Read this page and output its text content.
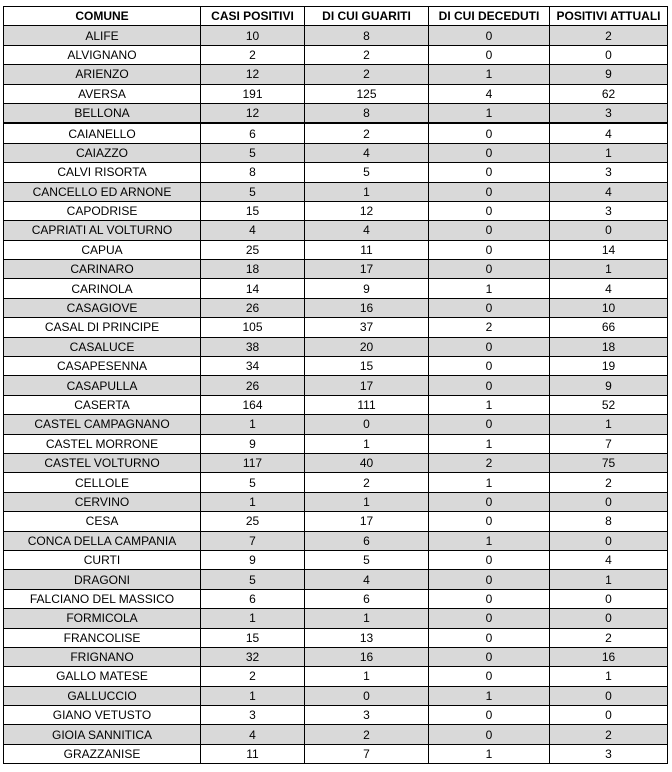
COMUNE	CASI POSITIVI	DI CUI GUARITI	DI CUI DECEDUTI	POSITIVI ATTUALI
ALIFE	10	8	0	2
ALVIGNANO	2	2	0	0
ARIENZO	12	2	1	9
AVERSA	191	125	4	62
BELLONA	12	8	1	3
CAIANELLO	6	2	0	4
CAIAZZO	5	4	0	1
CALVI RISORTA	8	5	0	3
CANCELLO ED ARNONE	5	1	0	4
CAPODRISE	15	12	0	3
CAPRIATI AL VOLTURNO	4	4	0	0
CAPUA	25	11	0	14
CARINARO	18	17	0	1
CARINOLA	14	9	1	4
CASAGIOVE	26	16	0	10
CASAL DI PRINCIPE	105	37	2	66
CASALUCE	38	20	0	18
CASAPESENNA	34	15	0	19
CASAPULLA	26	17	0	9
CASERTA	164	111	1	52
CASTEL CAMPAGNANO	1	0	0	1
CASTEL MORRONE	9	1	1	7
CASTEL VOLTURNO	117	40	2	75
CELLOLE	5	2	1	2
CERVINO	1	1	0	0
CESA	25	17	0	8
CONCA DELLA CAMPANIA	7	6	1	0
CURTI	9	5	0	4
DRAGONI	5	4	0	1
FALCIANO DEL MASSICO	6	6	0	0
FORMICOLA	1	1	0	0
FRANCOLISE	15	13	0	2
FRIGNANO	32	16	0	16
GALLO MATESE	2	1	0	1
GALLUCCIO	1	0	1	0
GIANO VETUSTO	3	3	0	0
GIOIA SANNITICA	4	2	0	2
GRAZZANISE	11	7	1	3
